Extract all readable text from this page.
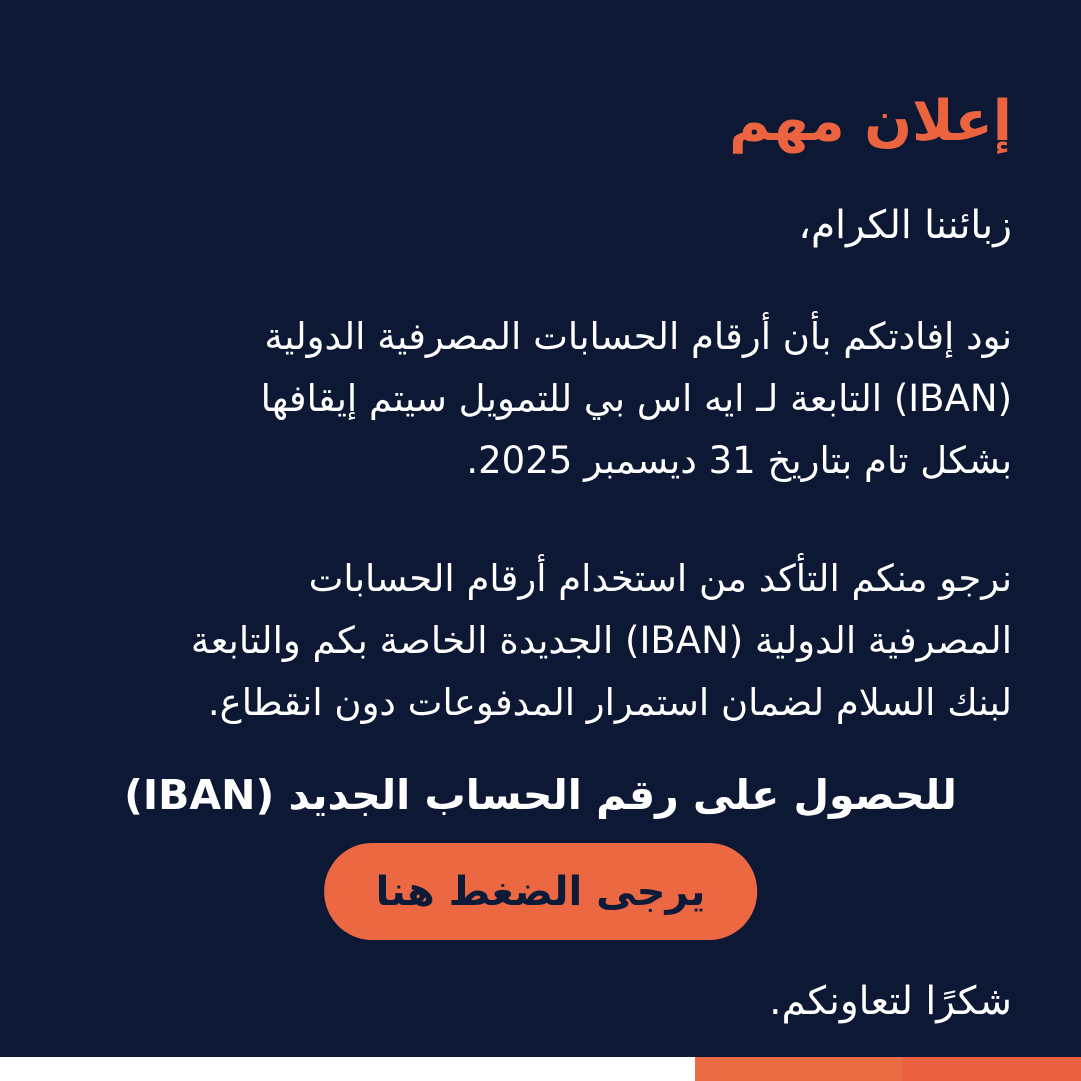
إعلان مهم

زبائننا الكرام،

نود إفادتكم بأن أرقام الحسابات المصرفية الدولية
(IBAN) التابعة لـ ايه اس بي للتمويل سيتم إيقافها
بشكل تام بتاريخ 31 ديسمبر 2025.
نرجو منكم التأكد من استخدام أرقام الحسابات
المصرفية الدولية (IBAN) الجديدة الخاصة بكم والتابعة
لبنك السلام لضمان استمرار المدفوعات دون انقطاع.

للحصول على رقم الحساب الجديد (IBAN)

يرجى الضغط هنا

شكرًا لتعاونكم.
